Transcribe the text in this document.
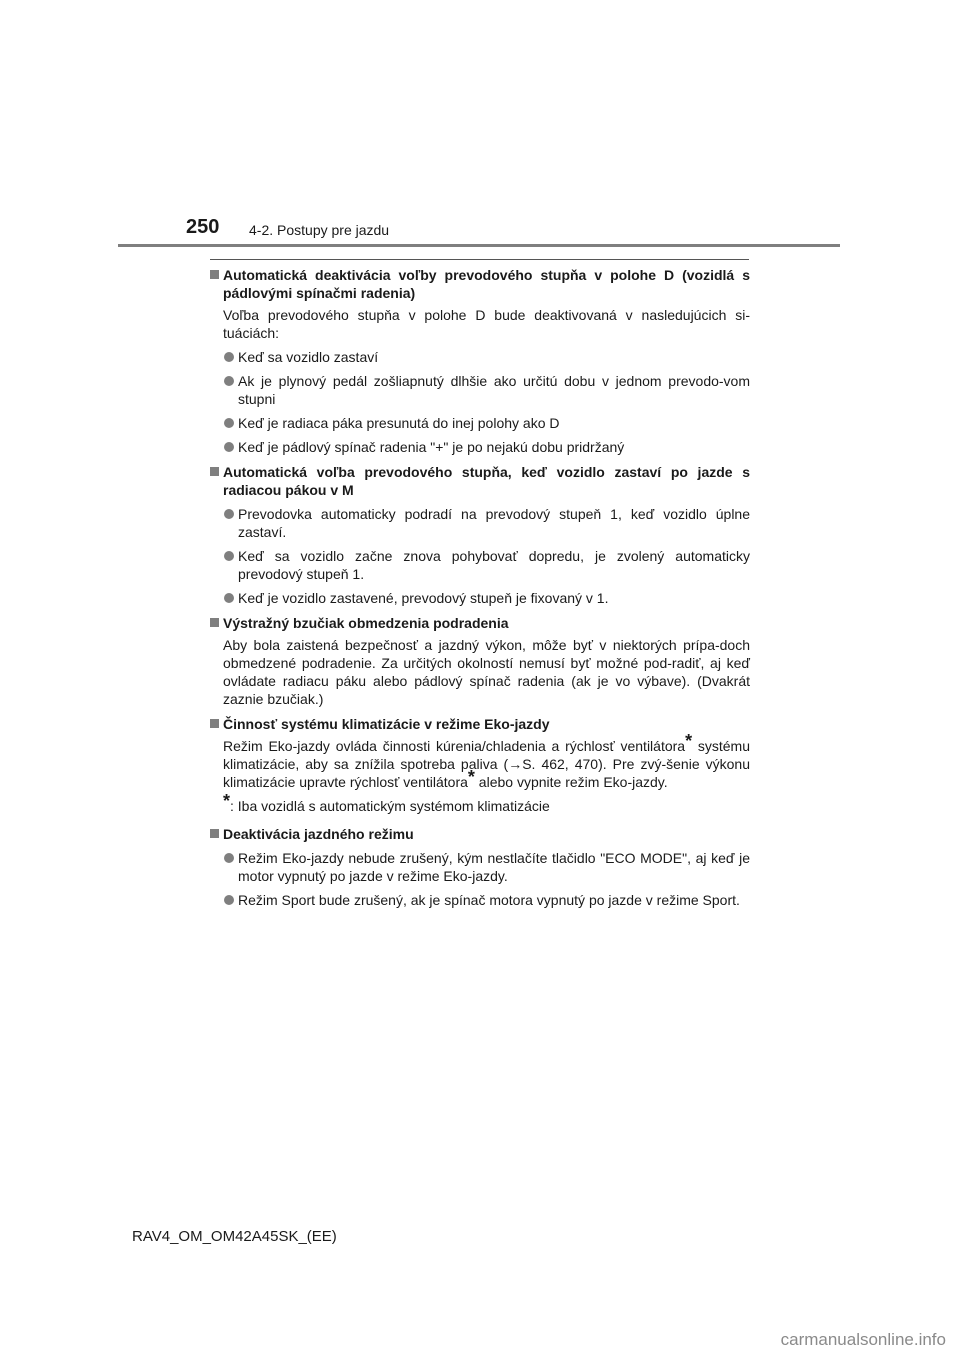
250 4-2. Postupy pre jazdu
Automatická deaktivácia voľby prevodového stupňa v polohe D (vozidlá s pádlovými spínačmi radenia)
Voľba prevodového stupňa v polohe D bude deaktivovaná v nasledujúcich si-tuáciách:
Keď sa vozidlo zastaví
Ak je plynový pedál zošliapnutý dlhšie ako určitú dobu v jednom prevodo-vom stupni
Keď je radiaca páka presunutá do inej polohy ako D
Keď je pádlový spínač radenia "+" je po nejakú dobu pridržaný
Automatická voľba prevodového stupňa, keď vozidlo zastaví po jazde s radiacou pákou v M
Prevodovka automaticky podradí na prevodový stupeň 1, keď vozidlo úplne zastaví.
Keď sa vozidlo začne znova pohybovať dopredu, je zvolený automaticky prevodový stupeň 1.
Keď je vozidlo zastavené, prevodový stupeň je fixovaný v 1.
Výstražný bzučiak obmedzenia podradenia
Aby bola zaistená bezpečnosť a jazdný výkon, môže byť v niektorých prípa-doch obmedzené podradenie. Za určitých okolností nemusí byť možné pod-radiť, aj keď ovládate radiacu páku alebo pádlový spínač radenia (ak je vo výbave). (Dvakrát zaznie bzučiak.)
Činnosť systému klimatizácie v režime Eko-jazdy
Režim Eko-jazdy ovláda činnosti kúrenia/chladenia a rýchlosť ventilátora* systému klimatizácie, aby sa znížila spotreba paliva (→S. 462, 470). Pre zvý-šenie výkonu klimatizácie upravte rýchlosť ventilátora* alebo vypnite režim Eko-jazdy.
*: Iba vozidlá s automatickým systémom klimatizácie
Deaktivácia jazdného režimu
Režim Eko-jazdy nebude zrušený, kým nestlačíte tlačidlo "ECO MODE", aj keď je motor vypnutý po jazde v režime Eko-jazdy.
Režim Sport bude zrušený, ak je spínač motora vypnutý po jazde v režime Sport.
RAV4_OM_OM42A45SK_(EE)
carmanualsonline.info
